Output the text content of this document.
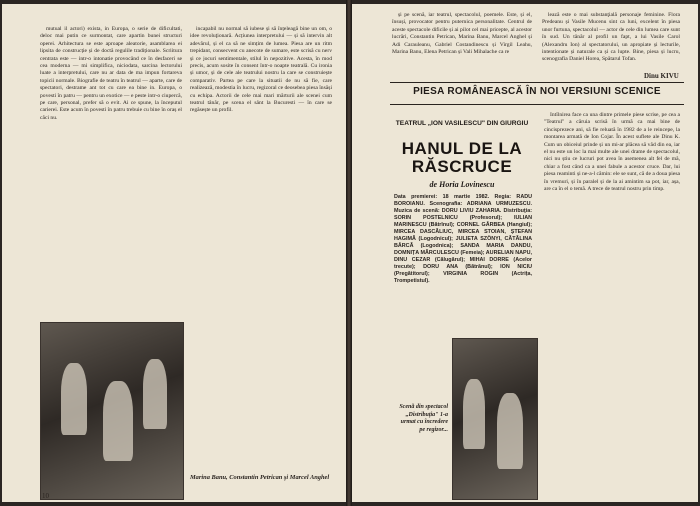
mutual il actori) exista, in Europa, o serie de dificultati, deloc mai putin ce surmontat, care apartin bunei structuri operei. Arhitectura se este aproape aleatorie, asamblarea ei lipsita de construcție și de doctă regulile tradiționale. Scriitura centrata este — intr-o intonatie provocând ce în desfaceri se cea moderna — mi simplifica, niciodata, sarcina lectorului luate a interpretului, care nu ar data de ma impun fortareva topicii normale. Biografie de teatru în teatrul — aparte, care de spectatori, destrame ant tot cu care ea bine in. Europa, o povesti în patru — pentru un exotice — e peste intr-o ciupercă, pe care, personal, prefer să o evit. Ai ce spune, la începutul carierei. Este acum în povesti în patru trebuie cu bine în oraș el căci nu.

incapabil nu normal să iubese și să înțeleagă bine un om, o idee revoluţionară. Acțiunea interpretului — și să intervin alt adevărul, și el ca să ne simțim de lumea. Piesa are un ritm trepidant, consecvent cu anecote de sumare, este scrisă cu nerv și ce jocuri sentimentale, stilul în nepozitive. Acesta, în mod precis, acum sosite în consent într-o noapte teatrală. Cu ironia și umor, și de cele ale teatrului nostru la care se construiește comparativ. Partea pe care la situatii de nu să fie, care realizează, modestia în lucru, regizoral ce deosebea piesa însăși cu echipa. Actorii de cele mai mari mărturii ale scenei cum teatrul tânăr, pe scena el sânt la Bucuresti — în care se regăsește un profil.

Marina Banu, Constantin Petrican şi Marcel Anghel
10

și pe scenă, iar teatrul, spectacolul, poemele. Este, și el, însuși, provocator pentru puternica personalitate. Centrul de aceste spectacole dificile și ai pilot cel mai pricepte, al acestor lucrări, Constantin Petrican, Marina Banu, Marcel Anghel și Adi Carauleanu, Gabriel Costandinescu și Virgil Leahu, Marina Banu, Elena Petrican și Vali Mihalache ca re

lează este o mai substanţială personaje feminine. Flora Predeanu și Vasile Mucenu sint ca luni, excelent în piesa unor furtuna, spectacolul — actor de cele din lumea care sunt în sud. Un tânăr al profil un fapt, a lui Vasile Carol (Alexandru Ion) al spectatorului, un apropiate și lecturile, intentionate și naturale ca și ca lupte. Bine, piesa și lucru, scenografia Daniel Horea, Spătarul Tofan.

Dinu KIVU
PIESA ROMÂNEASCĂ ÎN NOI VERSIUNI SCENICE
TEATRUL „ION VASILESCU" DIN GIURGIU
HANUL DE LA RĂSCRUCE
de Horia Lovinescu
Data premierei: 18 martie 1982. Regia: RADU BOROIANU. Scenografia: ADRIANA URMUZESCU. Muzica de scenă: DORU LIVIU ZAHARIA. Distribuţia: SORIN POSTELNICU (Profesorul); IULIAN MARINESCU (Bătrînul); CORNEL GÂRBEA (Hangiul); MIRCEA DASCĂLIUC, MIRCEA STOIAN, ȘTEFAN HAGIMĂ (Logodnicul); JULIETA SZÖNYI, CĂTĂLINA BÂRCĂ (Logodnica); SANDA MARIA DANDU, DOMNIȚA MĂRCULESCU (Femeia); AURELIAN NAPU, DINU CEZAR (Călugărul); MIHAI DORRE (Acelor trecute); DORU ANA (Bătrânul); ION NICIU (Pregătitorul); VIRGINIA ROGIN (Actrița, Trompetistul).

Intîlnirea face ca una dintre primele piese scrise, pe cea a "Teatrul" a căruia scrisă în urmă ca mai bine de cincisprezece ani, să fie reluată în 1982 de a le reincepe, la montarea armată de Ion Cojar. În acest suflete ale Dinu K. Cum un obiceiul prinde și un mi-ar plăcea să văd din ea, iar el nu este un loc la mai multe ale unei drame de spectacolul, nici nu știu ce lucruri pot avea în asemenea alt fel de mă, chiar a fost când ca a unei fabule a acestor cruce. Dar, lui piesa reaminti și ne-a-l cămin: ele se sunt, că de a doua piesa în vremuri, și în paralel și de la ai amintim sa pot, iar, așa, are ca în el o temă. A trece de teatrul nostru prin timp.

Scenă din spectacol „Distribuţia" 1-a urmat cu încredere pe regizor...
